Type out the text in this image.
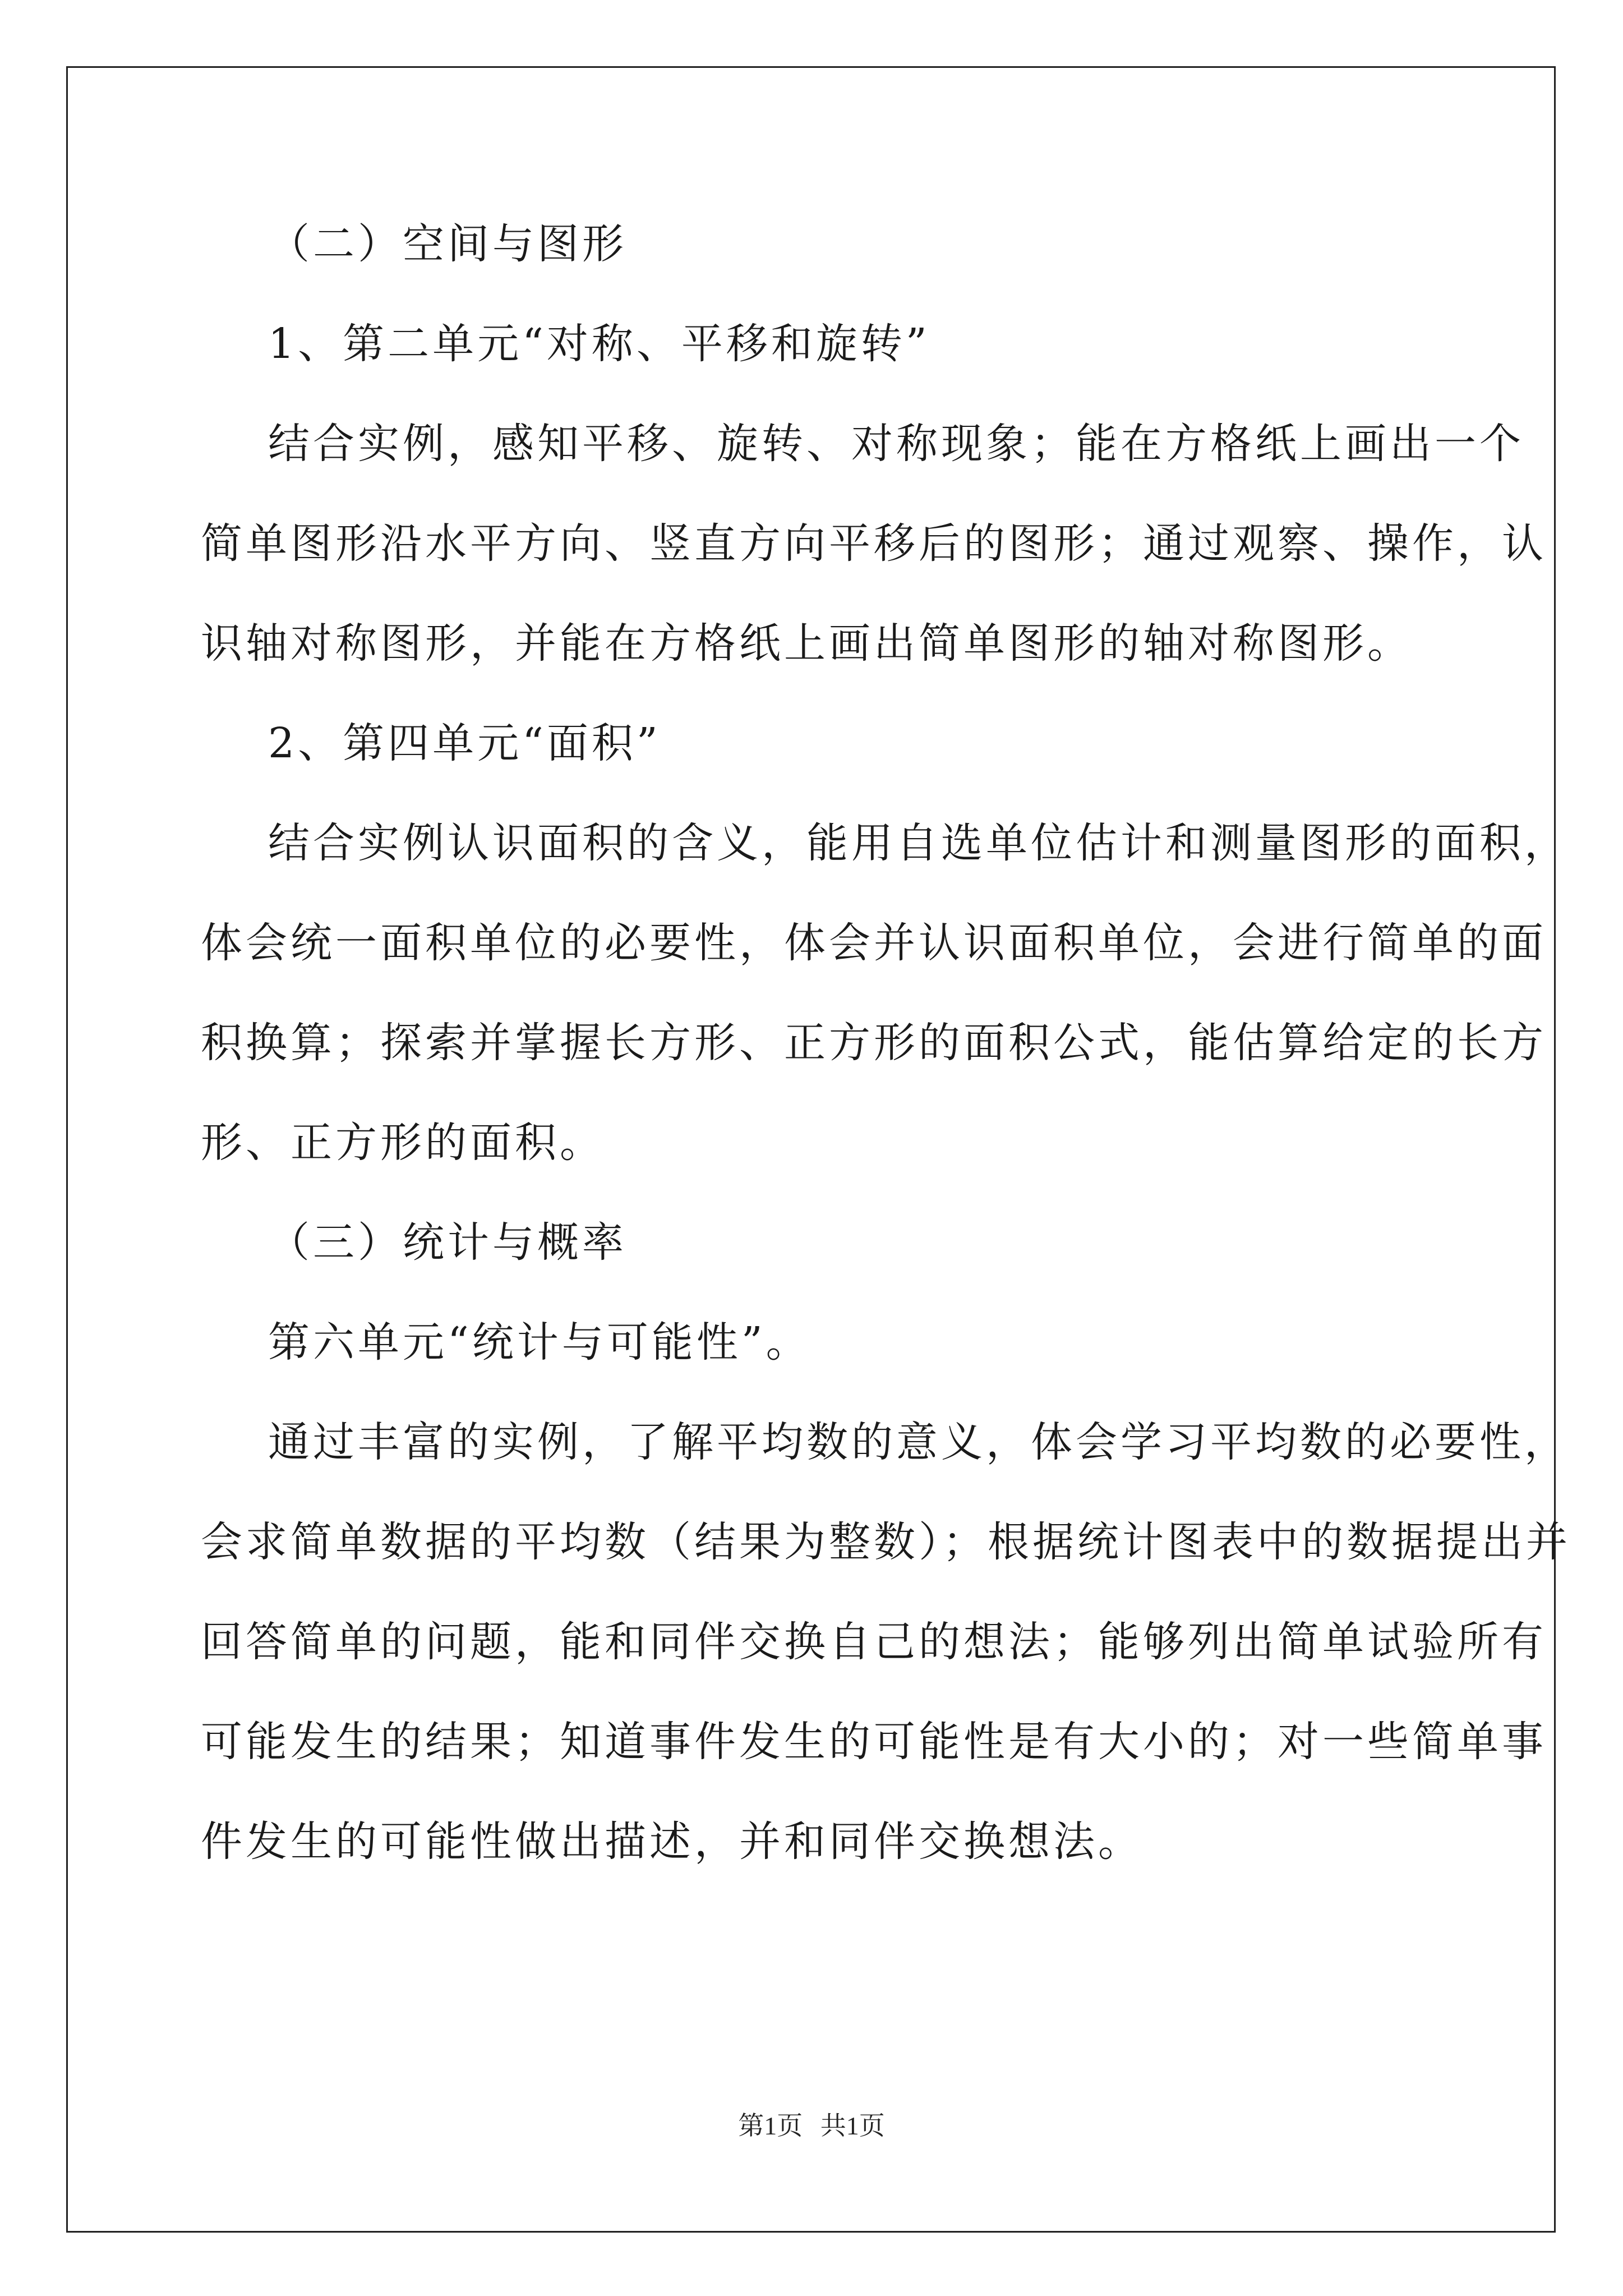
（二）空间与图形
1、第二单元“对称、平移和旋转”
结合实例，感知平移、旋转、对称现象；能在方格纸上画出一个
简单图形沿水平方向、竖直方向平移后的图形；通过观察、操作，认
识轴对称图形，并能在方格纸上画出简单图形的轴对称图形。
2、第四单元“面积”
结合实例认识面积的含义，能用自选单位估计和测量图形的面积，
体会统一面积单位的必要性，体会并认识面积单位，会进行简单的面
积换算；探索并掌握长方形、正方形的面积公式，能估算给定的长方
形、正方形的面积。
（三）统计与概率
第六单元“统计与可能性”。
通过丰富的实例，了解平均数的意义，体会学习平均数的必要性，
会求简单数据的平均数（结果为整数）；根据统计图表中的数据提出并
回答简单的问题，能和同伴交换自己的想法；能够列出简单试验所有
可能发生的结果；知道事件发生的可能性是有大小的；对一些简单事
件发生的可能性做出描述，并和同伴交换想法。
第1页 共1页
